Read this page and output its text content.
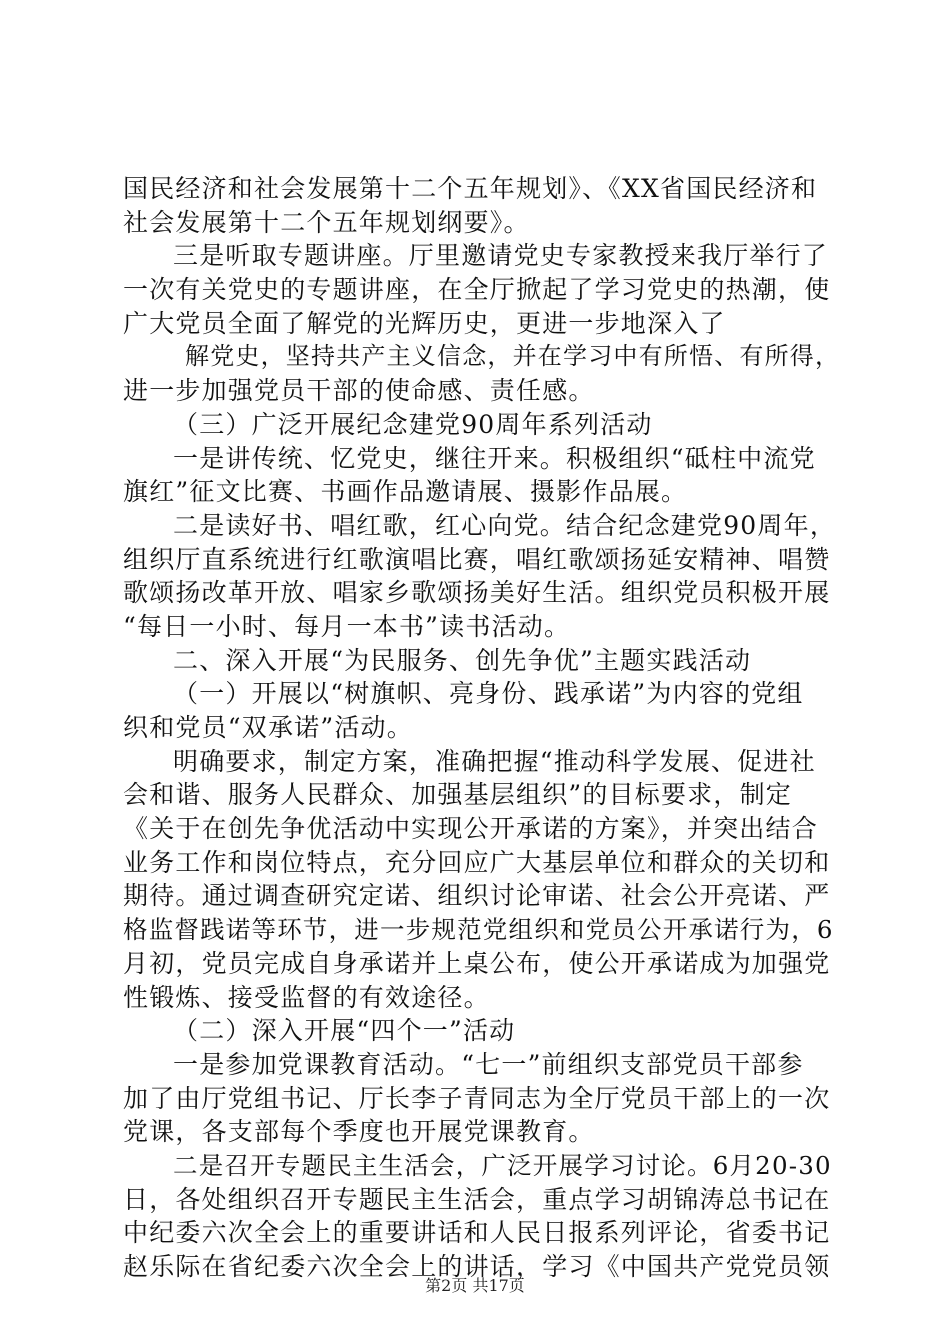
国民经济和社会发展第十二个五年规划》、《XX省国民经济和
社会发展第十二个五年规划纲要》。
三是听取专题讲座。厅里邀请党史专家教授来我厅举行了
一次有关党史的专题讲座，在全厅掀起了学习党史的热潮，使
广大党员全面了解党的光辉历史，更进一步地深入了
解党史，坚持共产主义信念，并在学习中有所悟、有所得，
进一步加强党员干部的使命感、责任感。
（三）广泛开展纪念建党90周年系列活动
一是讲传统、忆党史，继往开来。积极组织“砥柱中流党
旗红”征文比赛、书画作品邀请展、摄影作品展。
二是读好书、唱红歌，红心向党。结合纪念建党90周年，
组织厅直系统进行红歌演唱比赛，唱红歌颂扬延安精神、唱赞
歌颂扬改革开放、唱家乡歌颂扬美好生活。组织党员积极开展
“每日一小时、每月一本书”读书活动。
二、深入开展“为民服务、创先争优”主题实践活动
（一）开展以“树旗帜、亮身份、践承诺”为内容的党组
织和党员“双承诺”活动。
明确要求，制定方案，准确把握“推动科学发展、促进社
会和谐、服务人民群众、加强基层组织”的目标要求，制定
《关于在创先争优活动中实现公开承诺的方案》，并突出结合
业务工作和岗位特点，充分回应广大基层单位和群众的关切和
期待。通过调查研究定诺、组织讨论审诺、社会公开亮诺、严
格监督践诺等环节，进一步规范党组织和党员公开承诺行为，6
月初，党员完成自身承诺并上桌公布，使公开承诺成为加强党
性锻炼、接受监督的有效途径。
（二）深入开展“四个一”活动
一是参加党课教育活动。“七一”前组织支部党员干部参
加了由厅党组书记、厅长李子青同志为全厅党员干部上的一次
党课，各支部每个季度也开展党课教育。
二是召开专题民主生活会，广泛开展学习讨论。6月20-30
日，各处组织召开专题民主生活会，重点学习胡锦涛总书记在
中纪委六次全会上的重要讲话和人民日报系列评论，省委书记
赵乐际在省纪委六次全会上的讲话，学习《中国共产党党员领
第2页 共17页
